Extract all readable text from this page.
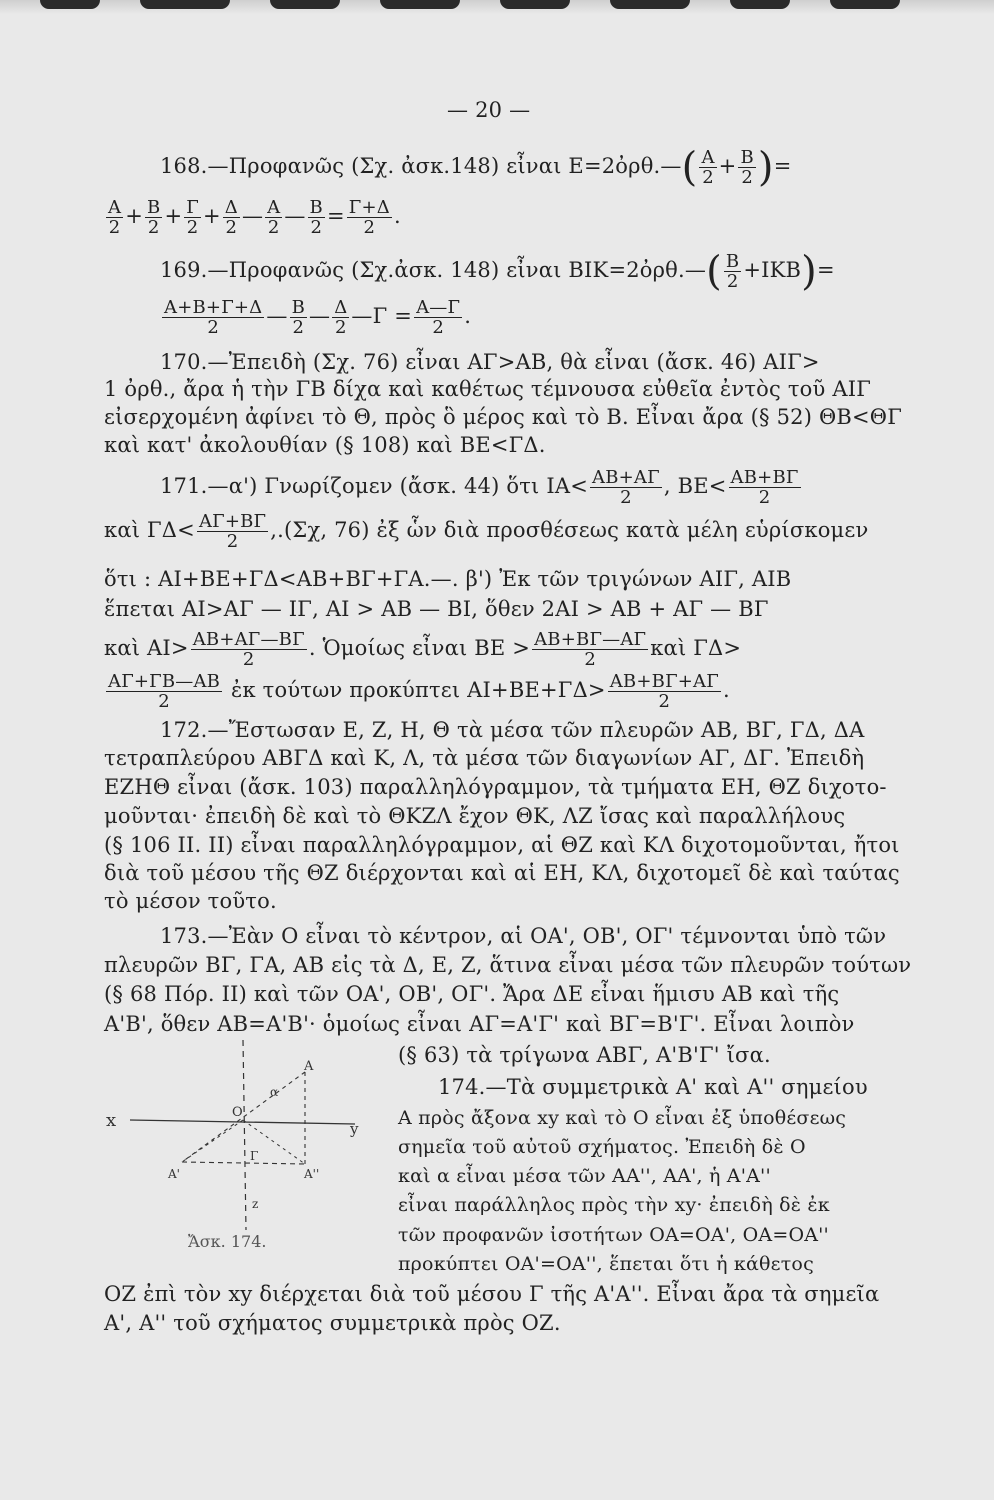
— 20 —
168.—Προφανῶς (Σχ. ἀσκ.148) εἶναι Ε=2ὀρθ.—( $\frac{A}{2} + \frac{B}{2}$ )=
$\frac{A}{2} + \frac{B}{2} + \frac{\Gamma}{2} + \frac{\Delta}{2}$ — $\frac{A}{2}$ — $\frac{B}{2} = \frac{\Gamma+\Delta}{2}$ .
169.—Προφανῶς (Σχ.ἀσκ. 148) εἶναι ΒΙΚ=2ὀρθ.—( $\frac{B}{2} +IKB)=$
$\frac{A+B+\Gamma+\Delta}{2}$ — $\frac{B}{2}$ — $\frac{\Delta}{2}$ —Γ = $\frac{A—\Gamma}{2}$ .
170.—Ἐπειδὴ (Σχ. 76) εἶναι ΑΓ>ΑΒ, θὰ εἶναι (ἄσκ. 46) ΑΙΓ>
1 ὀρθ., ἄρα ἡ τὴν ΓΒ δίχα καὶ καθέτως τέμνουσα εὐθεῖα ἐντὸς τοῦ ΑΙΓ
εἰσερχομένη ἀφίνει τὸ Θ, πρὸς ὃ μέρος καὶ τὸ Β. Εἶναι ἄρα (§ 52) ΘΒ<ΘΓ
καὶ κατ' ἀκολουθίαν (§ 108) καὶ ΒΕ<ΓΔ.
171.—α') Γνωρίζομεν (ἄσκ. 44) ὅτι $IA< \frac{AB+A\Gamma}{2}$ , $BE< \frac{AB+B\Gamma}{2}$
καὶ $\Gamma\Delta< \frac{A\Gamma+B\Gamma}{2} ,.(\Sigma\chi$, 76) ἐξ ὧν διὰ προσθέσεως κατὰ μέλη εὑρίσκομεν
ὅτι : ΑΙ+ΒΕ+ΓΔ<ΑΒ+ΒΓ+ΓΑ.—. β') Ἐκ τῶν τριγώνων ΑΙΓ, ΑΙΒ
ἕπεται ΑΙ>ΑΓ — ΙΓ, ΑΙ > ΑΒ — ΒΙ, ὅθεν 2ΑΙ > ΑΒ + ΑΓ — ΒΓ
καὶ $AI> \frac{AB+A\Gamma—B\Gamma}{2}$ . Ὁμοίως εἶναι $BE > \frac{AB+B\Gamma—A\Gamma}{2}$ καὶ ΓΔ>
$\frac{A\Gamma+\Gamma B—AB}{2}$ ἐκ τούτων προκύπτει $AI+BE+\Gamma\Delta> \frac{AB+B\Gamma+A\Gamma}{2}$ .
172.—Ἔστωσαν Ε, Ζ, Η, Θ τὰ μέσα τῶν πλευρῶν ΑΒ, ΒΓ, ΓΔ, ΔΑ
τετραπλεύρου ΑΒΓΔ καὶ Κ, Λ, τὰ μέσα τῶν διαγωνίων ΑΓ, ΔΓ. Ἐπειδὴ
ΕΖΗΘ εἶναι (ἄσκ. 103) παραλληλόγραμμον, τὰ τμήματα ΕΗ, ΘΖ διχοτο-
μοῦνται· ἐπειδὴ δὲ καὶ τὸ ΘΚΖΛ ἔχον ΘΚ, ΛΖ ἴσας καὶ παραλλήλους
(§ 106 ΙΙ. ΙΙ) εἶναι παραλληλόγραμμον, αἱ ΘΖ καὶ ΚΛ διχοτομοῦνται, ἤτοι
διὰ τοῦ μέσου τῆς ΘΖ διέρχονται καὶ αἱ ΕΗ, ΚΛ, διχοτομεῖ δὲ καὶ ταύτας
τὸ μέσον τοῦτο.
173.—Ἐὰν Ο εἶναι τὸ κέντρον, αἱ ΟΑ', ΟΒ', ΟΓ' τέμνονται ὑπὸ τῶν
πλευρῶν ΒΓ, ΓΑ, ΑΒ εἰς τὰ Δ, Ε, Ζ, ἅτινα εἶναι μέσα τῶν πλευρῶν τούτων
(§ 68 Πόρ. ΙΙ) καὶ τῶν ΟΑ', ΟΒ', ΟΓ'. Ἄρα ΔΕ εἶναι ἥμισυ ΑΒ καὶ τῆς
Α'Β', ὅθεν ΑΒ=Α'Β'· ὁμοίως εἶναι ΑΓ=Α'Γ' καὶ ΒΓ=Β'Γ'. Εἶναι λοιπὸν
(§ 63) τὰ τρίγωνα ΑΒΓ, Α'Β'Γ' ἴσα.
174.—Τὰ συμμετρικὰ Α' καὶ Α'' σημείου
Α πρὸς ἄξονα xy καὶ τὸ Ο εἶναι ἐξ ὑποθέσεως
σημεῖα τοῦ αὐτοῦ σχήματος. Ἐπειδὴ δὲ Ο
καὶ α εἶναι μέσα τῶν ΑΑ'', ΑΑ', ἡ Α'Α''
εἶναι παράλληλος πρὸς τὴν xy· ἐπειδὴ δὲ ἐκ
τῶν προφανῶν ἰσοτήτων ΟΑ=ΟΑ', ΟΑ=ΟΑ''
προκύπτει ΟΑ'=ΟΑ'', ἕπεται ὅτι ἡ κάθετος
ΟΖ ἐπὶ τὸν xy διέρχεται διὰ τοῦ μέσου Γ τῆς Α'Α''. Εἶναι ἄρα τὰ σημεῖα
Α', Α'' τοῦ σχήματος συμμετρικὰ πρὸς ΟΖ.
x	y
O
A
α
A'	A''
Γ
z
Ἄσκ. 174.
